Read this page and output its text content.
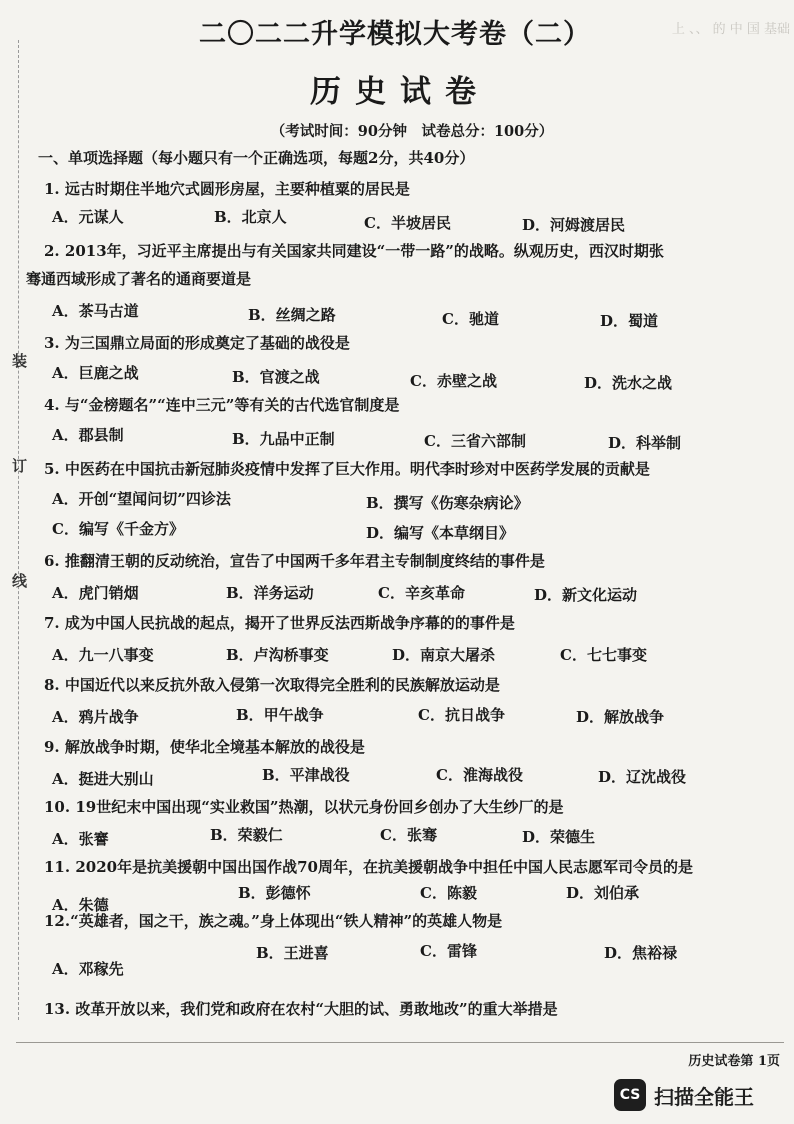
上 、、 的 中 国 基础
装
订
线
二〇二二升学模拟大考卷（二）
历史试卷
（考试时间：90分钟　试卷总分：100分）
一、单项选择题（每小题只有一个正确选项，每题2分，共40分）
1. 远古时期住半地穴式圆形房屋，主要种植粟的居民是
A．元谋人	B．北京人	C．半坡居民	D．河姆渡居民
2. 2013年，习近平主席提出与有关国家共同建设“一带一路”的战略。纵观历史，西汉时期张
骞通西域形成了著名的通商要道是
A．茶马古道	B．丝绸之路	C．驰道	D．蜀道
3. 为三国鼎立局面的形成奠定了基础的战役是
A．巨鹿之战	B．官渡之战	C．赤壁之战	D．洗水之战
4. 与“金榜题名”“连中三元”等有关的古代选官制度是
A．郡县制	B．九品中正制	C．三省六部制	D．科举制
5. 中医药在中国抗击新冠肺炎疫情中发挥了巨大作用。明代李时珍对中医药学发展的贡献是
A．开创“望闻问切”四诊法	B．撰写《伤寒杂病论》
C．编写《千金方》	D．编写《本草纲目》
6. 推翻清王朝的反动统治，宣告了中国两千多年君主专制制度终结的事件是
A．虎门销烟	B．洋务运动	C．辛亥革命	D．新文化运动
7. 成为中国人民抗战的起点，揭开了世界反法西斯战争序幕的的事件是
A．九一八事变	B．卢沟桥事变	D．南京大屠杀	C．七七事变
8. 中国近代以来反抗外敌入侵第一次取得完全胜利的民族解放运动是
A．鸦片战争	B．甲午战争	C．抗日战争	D．解放战争
9. 解放战争时期，使华北全境基本解放的战役是
A．挺进大别山	B．平津战役	C．淮海战役	D．辽沈战役
10. 19世纪末中国出现“实业救国”热潮，以状元身份回乡创办了大生纱厂的是
A．张謇	B．荣毅仁	C．张骞	D．荣德生
11. 2020年是抗美援朝中国出国作战70周年，在抗美援朝战争中担任中国人民志愿军司令员的是
A．朱德
B．彭德怀	C．陈毅	D．刘伯承
12.“英雄者，国之干，族之魂。”身上体现出“铁人精神”的英雄人物是
A．邓稼先
B．王进喜	C．雷锋	D．焦裕禄
13. 改革开放以来，我们党和政府在农村“大胆的试、勇敢地改”的重大举措是
历史试卷第 1页
CS 扫描全能王
